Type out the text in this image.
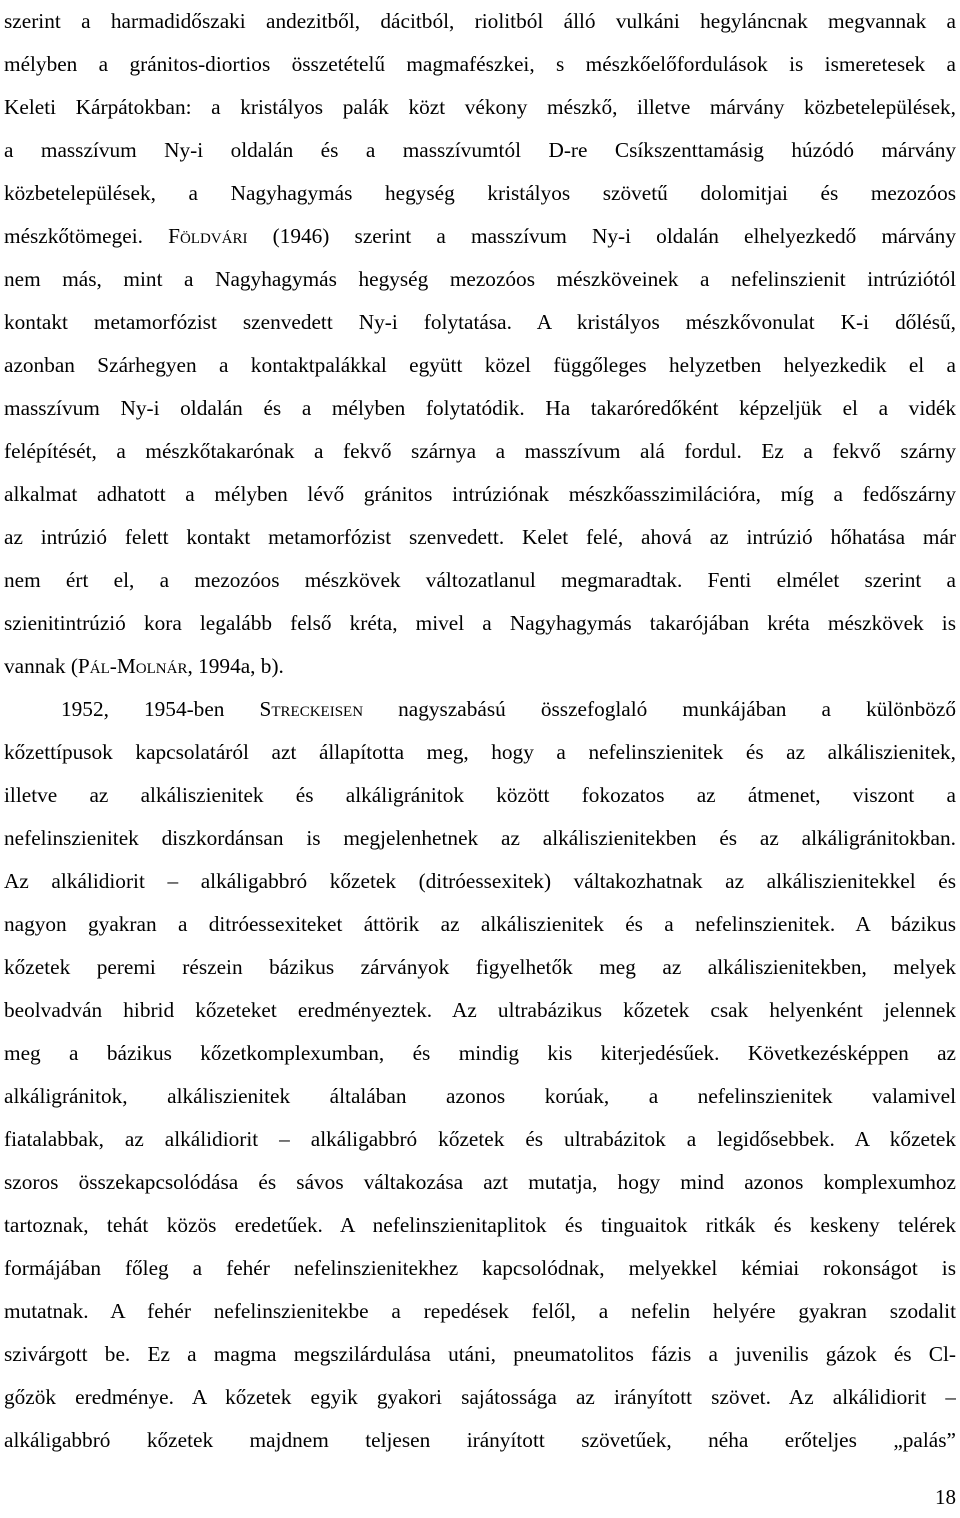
szerint a harmadidőszaki andezitből, dácitból, riolitból álló vulkáni hegyláncnak megvannak a
mélyben a gránitos-diortios összetételű magmafészkei, s mészkőelőfordulások is ismeretesek a
Keleti Kárpátokban: a kristályos palák közt vékony mészkő, illetve márvány közbetelepülések,
a masszívum Ny-i oldalán és a masszívumtól D-re Csíkszenttamásig húzódó márvány
közbetelepülések, a Nagyhagymás hegység kristályos szövetű dolomitjai és mezozóos
mészkőtömegei. Földvári (1946) szerint a masszívum Ny-i oldalán elhelyezkedő márvány
nem más, mint a Nagyhagymás hegység mezozóos mészköveinek a nefelinszienit intrúziótól
kontakt metamorfózist szenvedett Ny-i folytatása. A kristályos mészkővonulat K-i dőlésű,
azonban Szárhegyen a kontaktpalákkal együtt közel függőleges helyzetben helyezkedik el a
masszívum Ny-i oldalán és a mélyben folytatódik. Ha takaróredőként képzeljük el a vidék
felépítését, a mészkőtakarónak a fekvő szárnya a masszívum alá fordul. Ez a fekvő szárny
alkalmat adhatott a mélyben lévő gránitos intrúziónak mészkőasszimilációra, míg a fedőszárny
az intrúzió felett kontakt metamorfózist szenvedett. Kelet felé, ahová az intrúzió hőhatása már
nem ért el, a mezozóos mészkövek változatlanul megmaradtak. Fenti elmélet szerint a
szienitintrúzió kora legalább felső kréta, mivel a Nagyhagymás takarójában kréta mészkövek is
vannak (Pál-Molnár, 1994a, b).
1952, 1954-ben Streckeisen nagyszabású összefoglaló munkájában a különböző
kőzettípusok kapcsolatáról azt állapította meg, hogy a nefelinszienitek és az alkáliszienitek,
illetve az alkáliszienitek és alkáligránitok között fokozatos az átmenet, viszont a
nefelinszienitek diszkordánsan is megjelenhetnek az alkáliszienitekben és az alkáligránitokban.
Az alkálidiorit – alkáligabbró kőzetek (ditróessexitek) váltakozhatnak az alkáliszienitekkel és
nagyon gyakran a ditróessexiteket áttörik az alkáliszienitek és a nefelinszienitek. A bázikus
kőzetek peremi részein bázikus zárványok figyelhetők meg az alkáliszienitekben, melyek
beolvadván hibrid kőzeteket eredményeztek. Az ultrabázikus kőzetek csak helyenként jelennek
meg a bázikus kőzetkomplexumban, és mindig kis kiterjedésűek. Következésképpen az
alkáligránitok, alkáliszienitek általában azonos korúak, a nefelinszienitek valamivel
fiatalabbak, az alkálidiorit – alkáligabbró kőzetek és ultrabázitok a legidősebbek. A kőzetek
szoros összekapcsolódása és sávos váltakozása azt mutatja, hogy mind azonos komplexumhoz
tartoznak, tehát közös eredetűek. A nefelinszienitaplitok és tinguaitok ritkák és keskeny telérek
formájában főleg a fehér nefelinszienitekhez kapcsolódnak, melyekkel kémiai rokonságot is
mutatnak. A fehér nefelinszienitekbe a repedések felől, a nefelin helyére gyakran szodalit
szivárgott be. Ez a magma megszilárdulása utáni, pneumatolitos fázis a juvenilis gázok és Cl-
gőzök eredménye. A kőzetek egyik gyakori sajátossága az irányított szövet. Az alkálidiorit –
alkáligabbró kőzetek majdnem teljesen irányított szövetűek, néha erőteljes „palás”
18
